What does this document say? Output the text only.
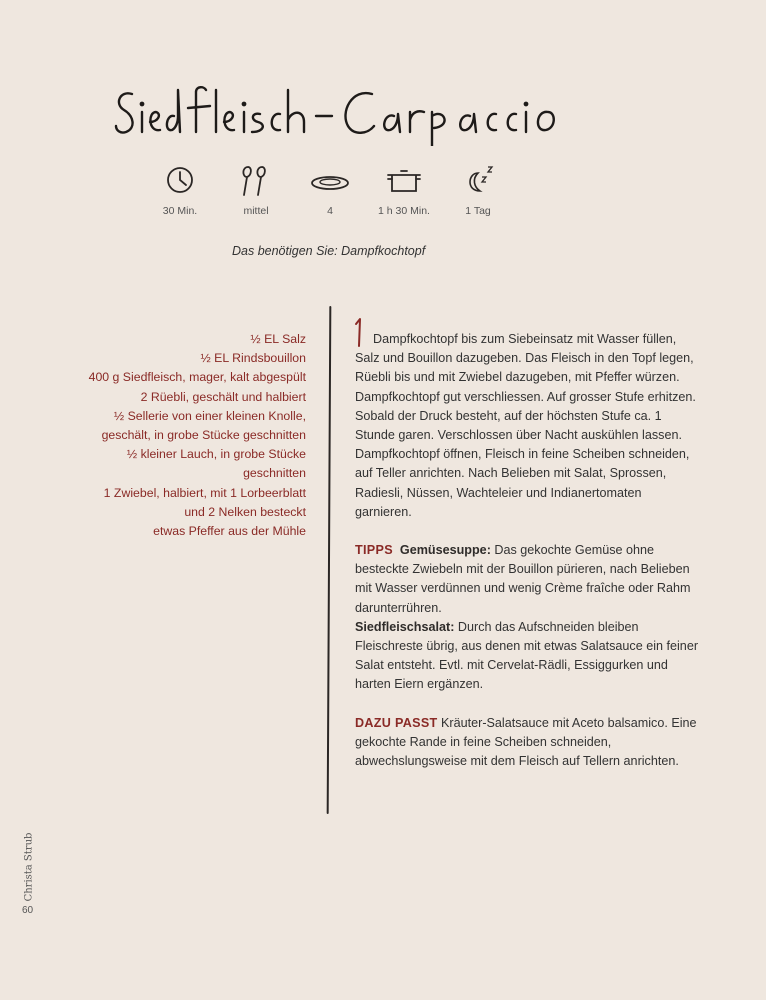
30 Min.	mittel	4	1 h 30 Min.	1 Tag
Das benötigen Sie: Dampfkochtopf
½ EL Salz
½ EL Rindsbouillon
400 g Siedfleisch, mager, kalt abgespült
2 Rüebli, geschält und halbiert
½ Sellerie von einer kleinen Knolle,
geschält, in grobe Stücke geschnitten
½ kleiner Lauch, in grobe Stücke
geschnitten
1 Zwiebel, halbiert, mit 1 Lorbeerblatt
und 2 Nelken besteckt
etwas Pfeffer aus der Mühle

Dampfkochtopf bis zum Siebeinsatz mit Wasser füllen, Salz und Bouillon dazugeben. Das Fleisch in den Topf legen, Rüebli bis und mit Zwiebel dazugeben, mit Pfeffer würzen. Dampfkochtopf gut verschliessen. Auf grosser Stufe erhitzen. Sobald der Druck besteht, auf der höchsten Stufe ca. 1 Stunde garen. Verschlossen über Nacht auskühlen lassen.

Dampfkochtopf öffnen, Fleisch in feine Scheiben schneiden, auf Teller anrichten. Nach Belieben mit Salat, Sprossen, Radiesli, Nüssen, Wachteleier und Indianertomaten garnieren.

TIPPS Gemüsesuppe: Das gekochte Gemüse ohne besteckte Zwiebeln mit der Bouillon pürieren, nach Belieben mit Wasser verdünnen und wenig Crème fraîche oder Rahm darunterrühren.

Siedfleischsalat: Durch das Aufschneiden bleiben Fleischreste übrig, aus denen mit etwas Salatsauce ein feiner Salat entsteht. Evtl. mit Cervelat-Rädli, Essiggurken und harten Eiern ergänzen.

DAZU PASST Kräuter-Salatsauce mit Aceto balsamico. Eine gekochte Rande in feine Scheiben schneiden, abwechslungsweise mit dem Fleisch auf Tellern anrichten.

Christa Strub
60
